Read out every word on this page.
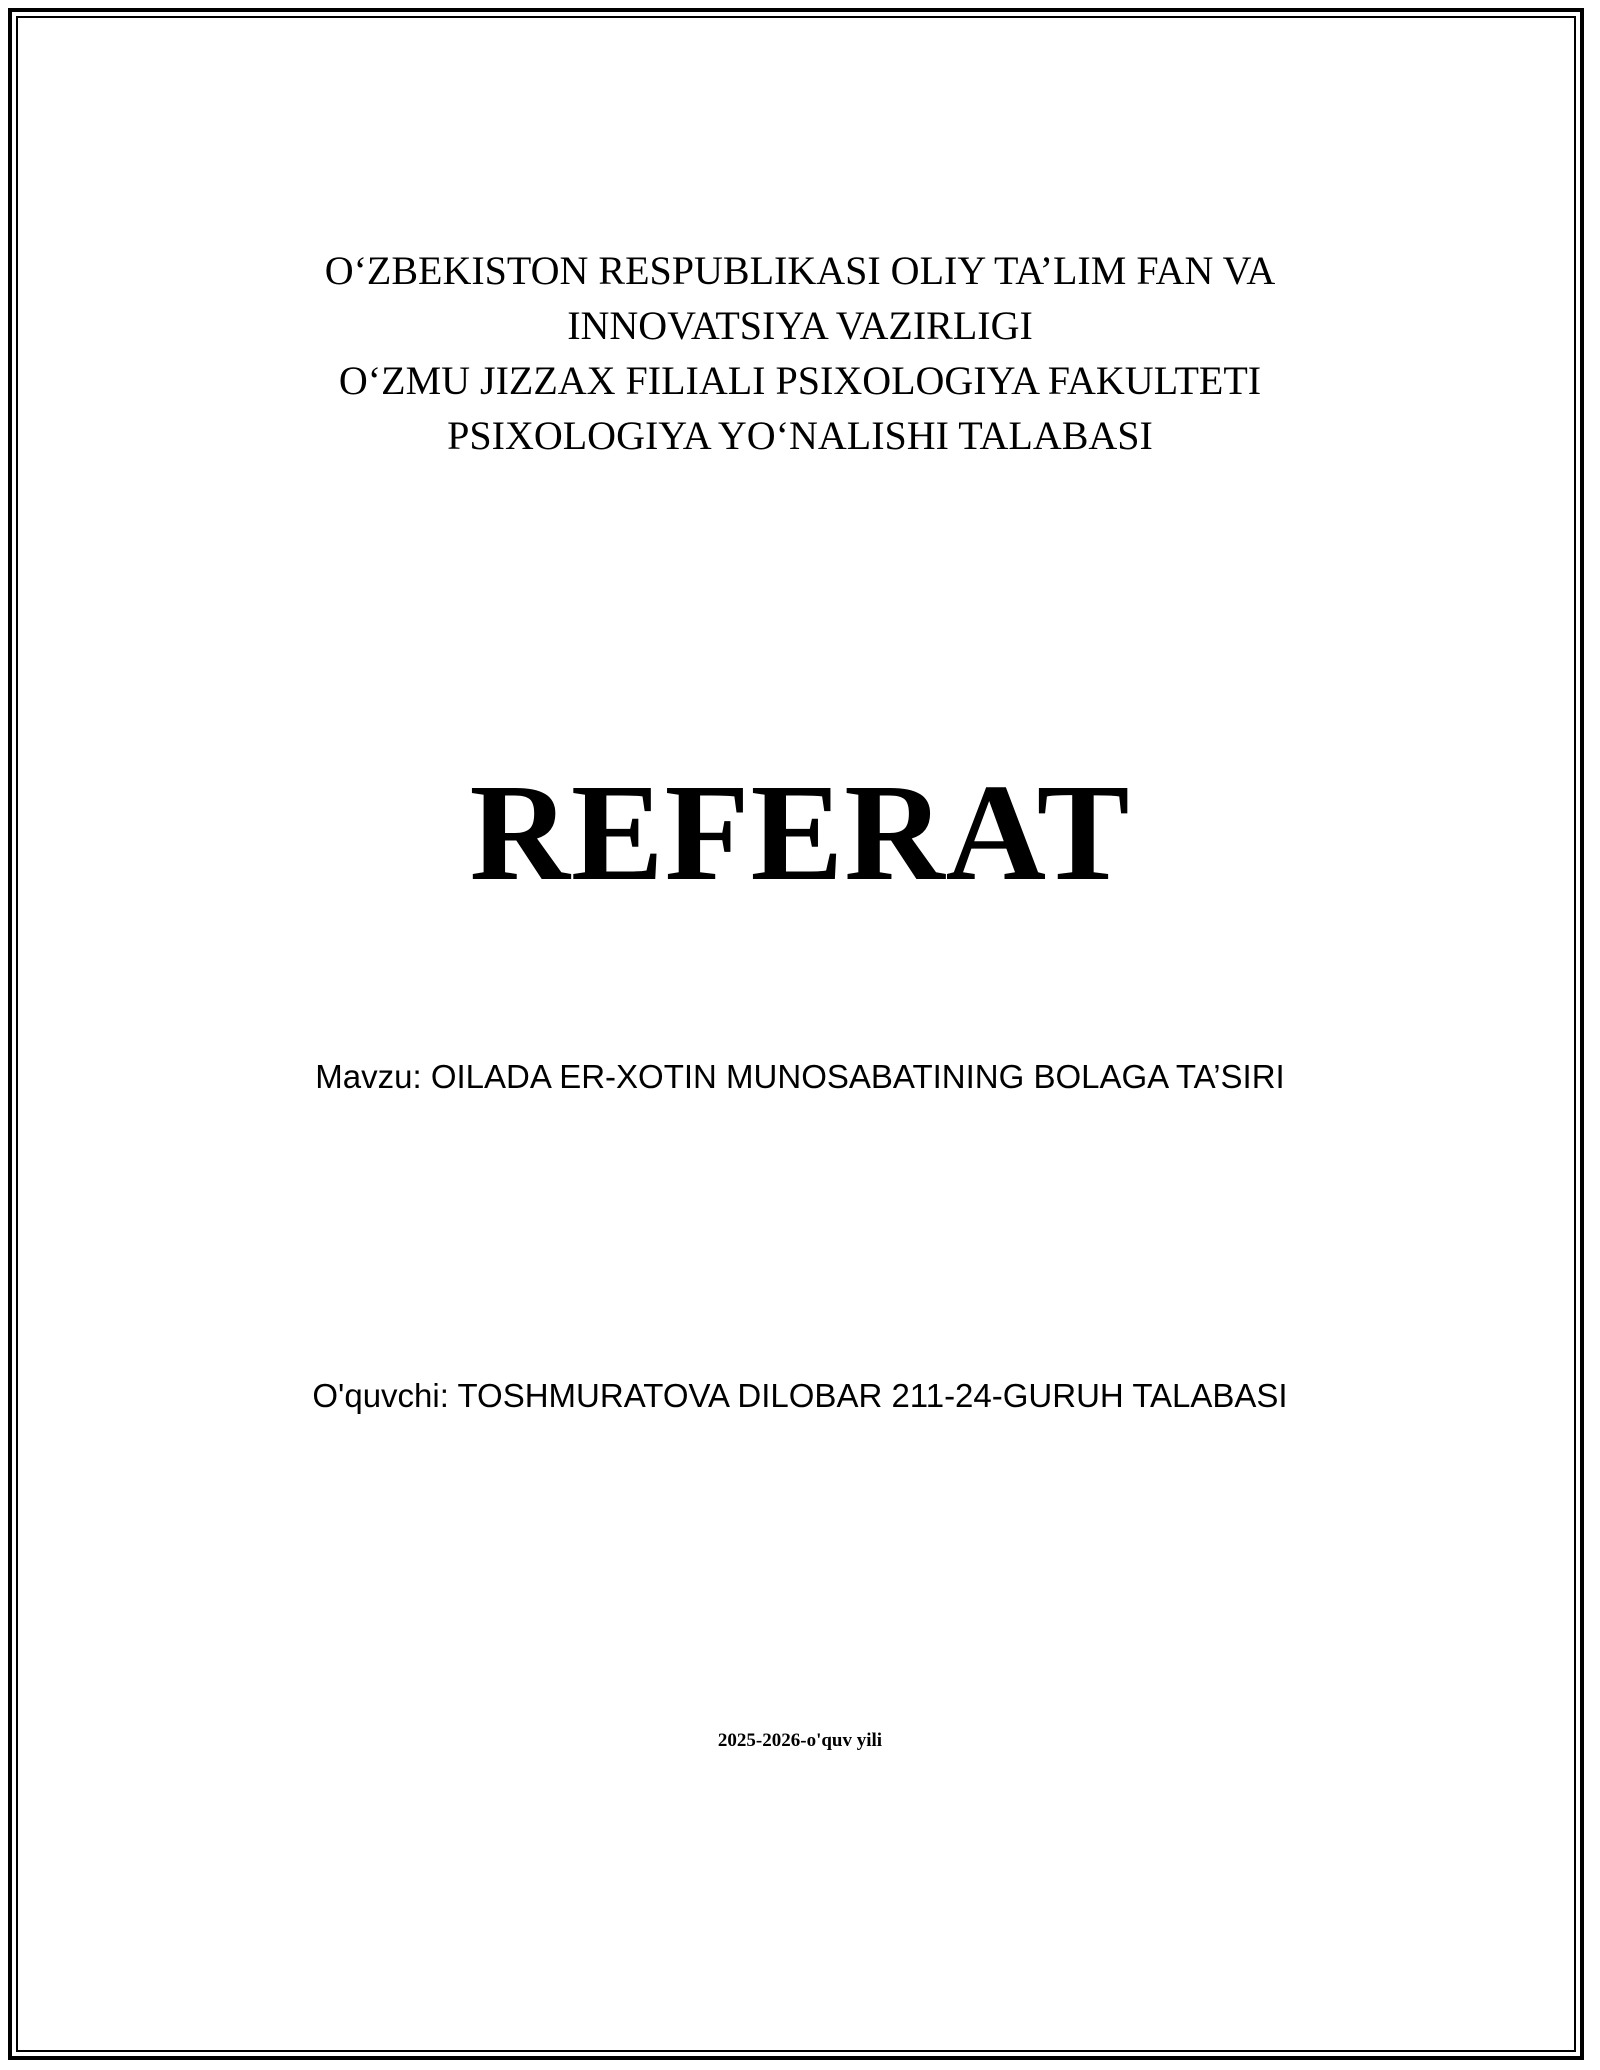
O‘ZBEKISTON RESPUBLIKASI OLIY TA’LIM FAN VA
INNOVATSIYA VAZIRLIGI
O‘ZMU JIZZAX FILIALI PSIXOLOGIYA FAKULTETI
PSIXOLOGIYA YO‘NALISHI TALABASI
REFERAT
Mavzu: OILADA ER-XOTIN MUNOSABATINING BOLAGA TA’SIRI
O'quvchi: TOSHMURATOVA DILOBAR 211-24-GURUH TALABASI
2025-2026-o'quv yili
